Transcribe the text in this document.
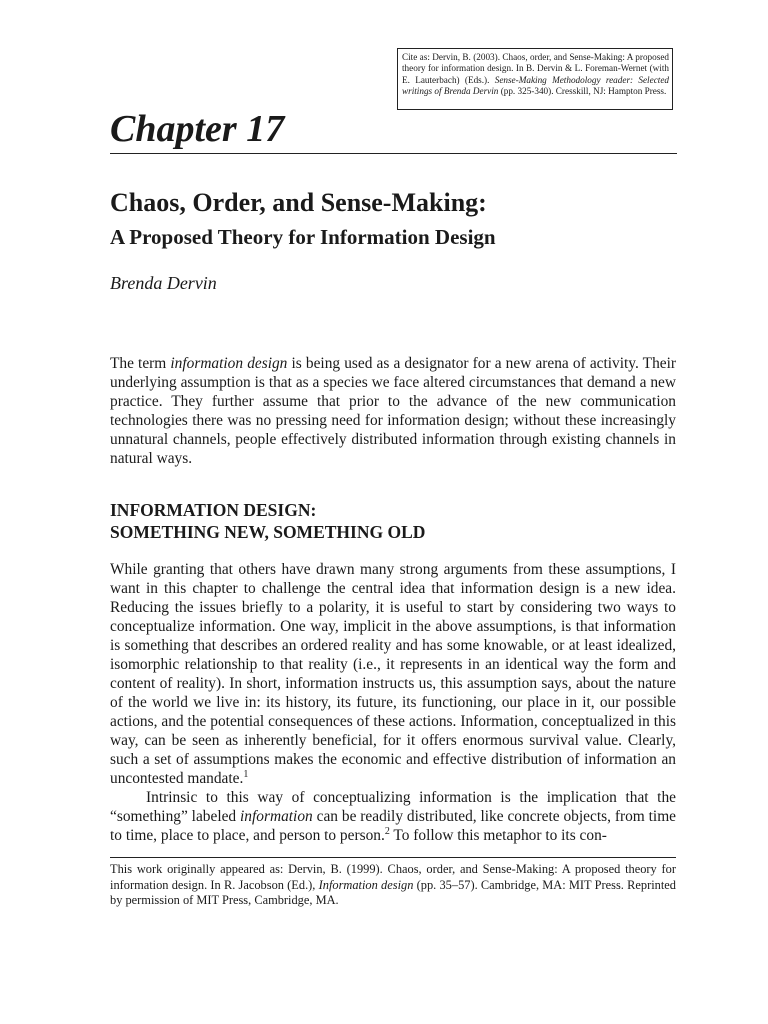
Cite as: Dervin, B. (2003). Chaos, order, and Sense-Making: A proposed theory for information design. In B. Dervin & L. Foreman-Wernet (with E. Lauterbach) (Eds.). Sense-Making Methodology reader: Selected writings of Brenda Dervin (pp. 325-340). Cresskill, NJ: Hampton Press.
Chapter 17
Chaos, Order, and Sense-Making:
A Proposed Theory for Information Design

Brenda Dervin

The term information design is being used as a designator for a new arena of activity. Their underlying assumption is that as a species we face altered circumstances that demand a new practice. They further assume that prior to the advance of the new communication technologies there was no pressing need for information design; without these increasingly unnatural channels, people effectively distributed information through existing channels in natural ways.

INFORMATION DESIGN:
SOMETHING NEW, SOMETHING OLD

While granting that others have drawn many strong arguments from these assumptions, I want in this chapter to challenge the central idea that information design is a new idea. Reducing the issues briefly to a polarity, it is useful to start by considering two ways to conceptualize information. One way, implicit in the above assumptions, is that information is something that describes an ordered reality and has some knowable, or at least idealized, isomorphic relationship to that reality (i.e., it represents in an identical way the form and content of reality). In short, information instructs us, this assumption says, about the nature of the world we live in: its history, its future, its functioning, our place in it, our possible actions, and the potential consequences of these actions. Information, conceptualized in this way, can be seen as inherently beneficial, for it offers enormous survival value. Clearly, such a set of assumptions makes the economic and effective distribution of information an uncontested mandate.$^1$

Intrinsic to this way of conceptualizing information is the implication that the “something” labeled information can be readily distributed, like concrete objects, from time to time, place to place, and person to person.$^2$ To follow this metaphor to its con-

This work originally appeared as: Dervin, B. (1999). Chaos, order, and Sense-Making: A proposed theory for information design. In R. Jacobson (Ed.), Information design (pp. 35–57). Cambridge, MA: MIT Press. Reprinted by permission of MIT Press, Cambridge, MA.
